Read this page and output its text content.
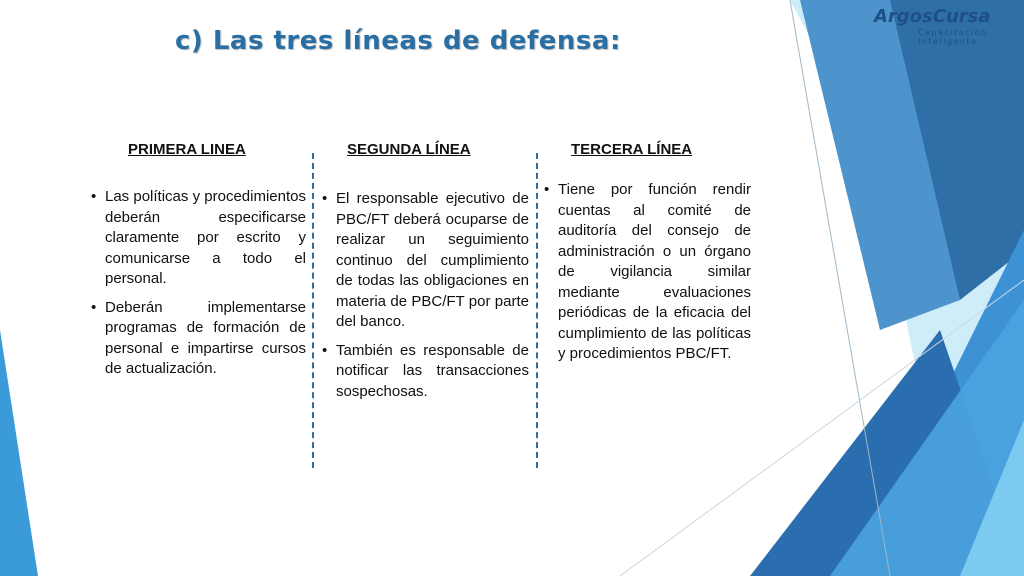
ArgosCursa
Capacitación
Inteligente
c) Las tres líneas de defensa:
PRIMERA LINEA	SEGUNDA LÍNEA	TERCERA LÍNEA
• Las políticas y procedimientos deberán especificarse claramente por escrito y comunicarse a todo el personal.
• Deberán implementarse programas de formación de personal e impartirse cursos de actualización.
• El responsable ejecutivo de PBC/FT deberá ocuparse de realizar un seguimiento continuo del cumplimiento de todas las obligaciones en materia de PBC/FT por parte del banco.
• También es responsable de notificar las transacciones sospechosas.
• Tiene por función rendir cuentas al comité de auditoría del consejo de administración o un órgano de vigilancia similar mediante evaluaciones periódicas de la eficacia del cumplimiento de las políticas y procedimientos PBC/FT.
